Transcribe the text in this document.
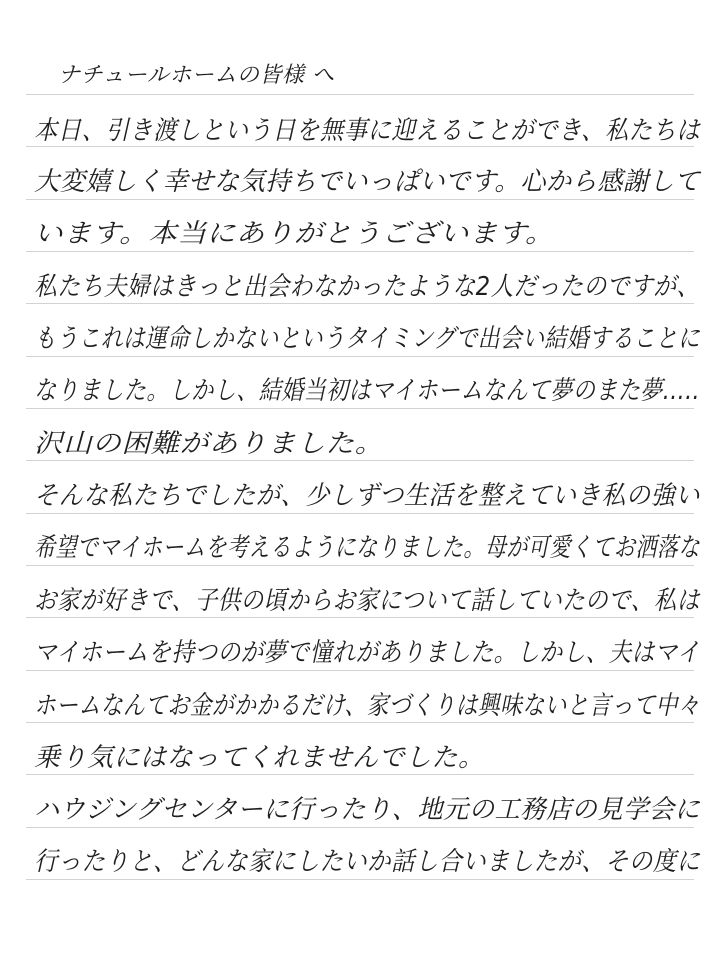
ナチュールホームの皆様 へ
本日、引き渡しという日を無事に迎えることができ、私たちは
大変嬉しく幸せな気持ちでいっぱいです。心から感謝して
います。本当にありがとうございます。
私たち夫婦はきっと出会わなかったような2人だったのですが、
もうこれは運命しかないというタイミングで出会い結婚することに
なりました。しかし、結婚当初はマイホームなんて夢のまた夢.....
沢山の困難がありました。
そんな私たちでしたが、少しずつ生活を整えていき私の強い
希望でマイホームを考えるようになりました。母が可愛くてお洒落な
お家が好きで、子供の頃からお家について話していたので、私は
マイホームを持つのが夢で憧れがありました。しかし、夫はマイ
ホームなんてお金がかかるだけ、家づくりは興味ないと言って中々
乗り気にはなってくれませんでした。
ハウジングセンターに行ったり、地元の工務店の見学会に
行ったりと、どんな家にしたいか話し合いましたが、その度に
